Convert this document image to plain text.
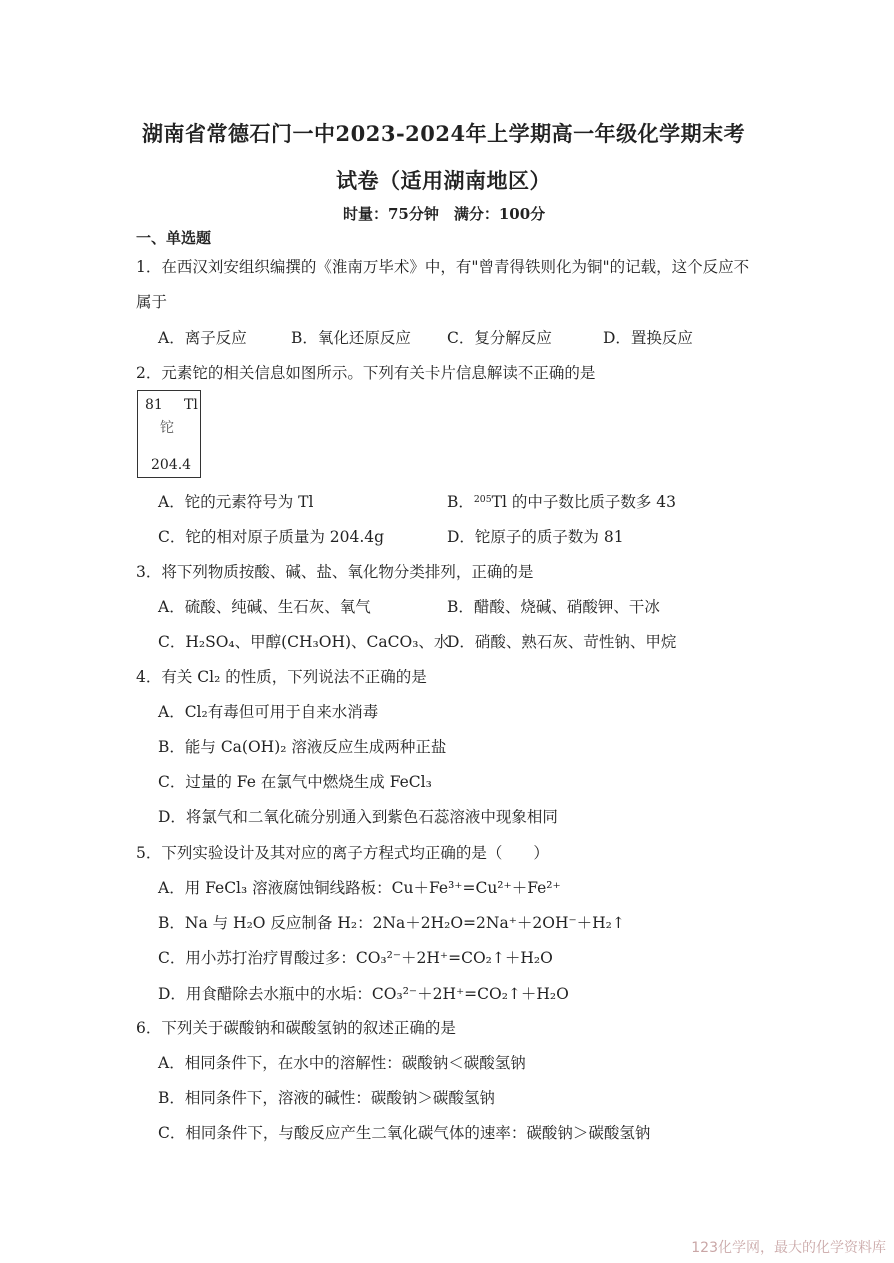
湖南省常德石门一中2023-2024年上学期高一年级化学期末考
试卷（适用湖南地区）
时量：75分钟　满分：100分
一、单选题
1．在西汉刘安组织编撰的《淮南万毕术》中，有"曾青得铁则化为铜"的记载，这个反应不
属于
A．离子反应	B．氧化还原反应 C．复分解反应	D．置换反应
2．元素铊的相关信息如图所示。下列有关卡片信息解读不正确的是
81 Tl
铊
204.4
A．铊的元素符号为 Tl	B．$^{205}$Tl 的中子数比质子数多 43
C．铊的相对原子质量为 204.4g	D．铊原子的质子数为 81
3．将下列物质按酸、碱、盐、氧化物分类排列，正确的是
A．硫酸、纯碱、生石灰、氧气	B．醋酸、烧碱、硝酸钾、干冰
C．H₂SO₄、甲醇(CH₃OH)、CaCO₃、水
D．硝酸、熟石灰、苛性钠、甲烷
4．有关 Cl₂ 的性质，下列说法不正确的是
A．Cl₂有毒但可用于自来水消毒
B．能与 Ca(OH)₂ 溶液反应生成两种正盐
C．过量的 Fe 在氯气中燃烧生成 FeCl₃
D．将氯气和二氧化硫分别通入到紫色石蕊溶液中现象相同
5．下列实验设计及其对应的离子方程式均正确的是（　　）
A．用 FeCl₃ 溶液腐蚀铜线路板：Cu＋Fe³⁺=Cu²⁺＋Fe²⁺
B．Na 与 H₂O 反应制备 H₂：2Na＋2H₂O=2Na⁺＋2OH⁻＋H₂↑
C．用小苏打治疗胃酸过多：CO₃²⁻＋2H⁺=CO₂↑＋H₂O
D．用食醋除去水瓶中的水垢：CO₃²⁻＋2H⁺=CO₂↑＋H₂O
6．下列关于碳酸钠和碳酸氢钠的叙述正确的是
A．相同条件下，在水中的溶解性：碳酸钠＜碳酸氢钠
B．相同条件下，溶液的碱性：碳酸钠＞碳酸氢钠
C．相同条件下，与酸反应产生二氧化碳气体的速率：碳酸钠＞碳酸氢钠
123化学网，最大的化学资料库
